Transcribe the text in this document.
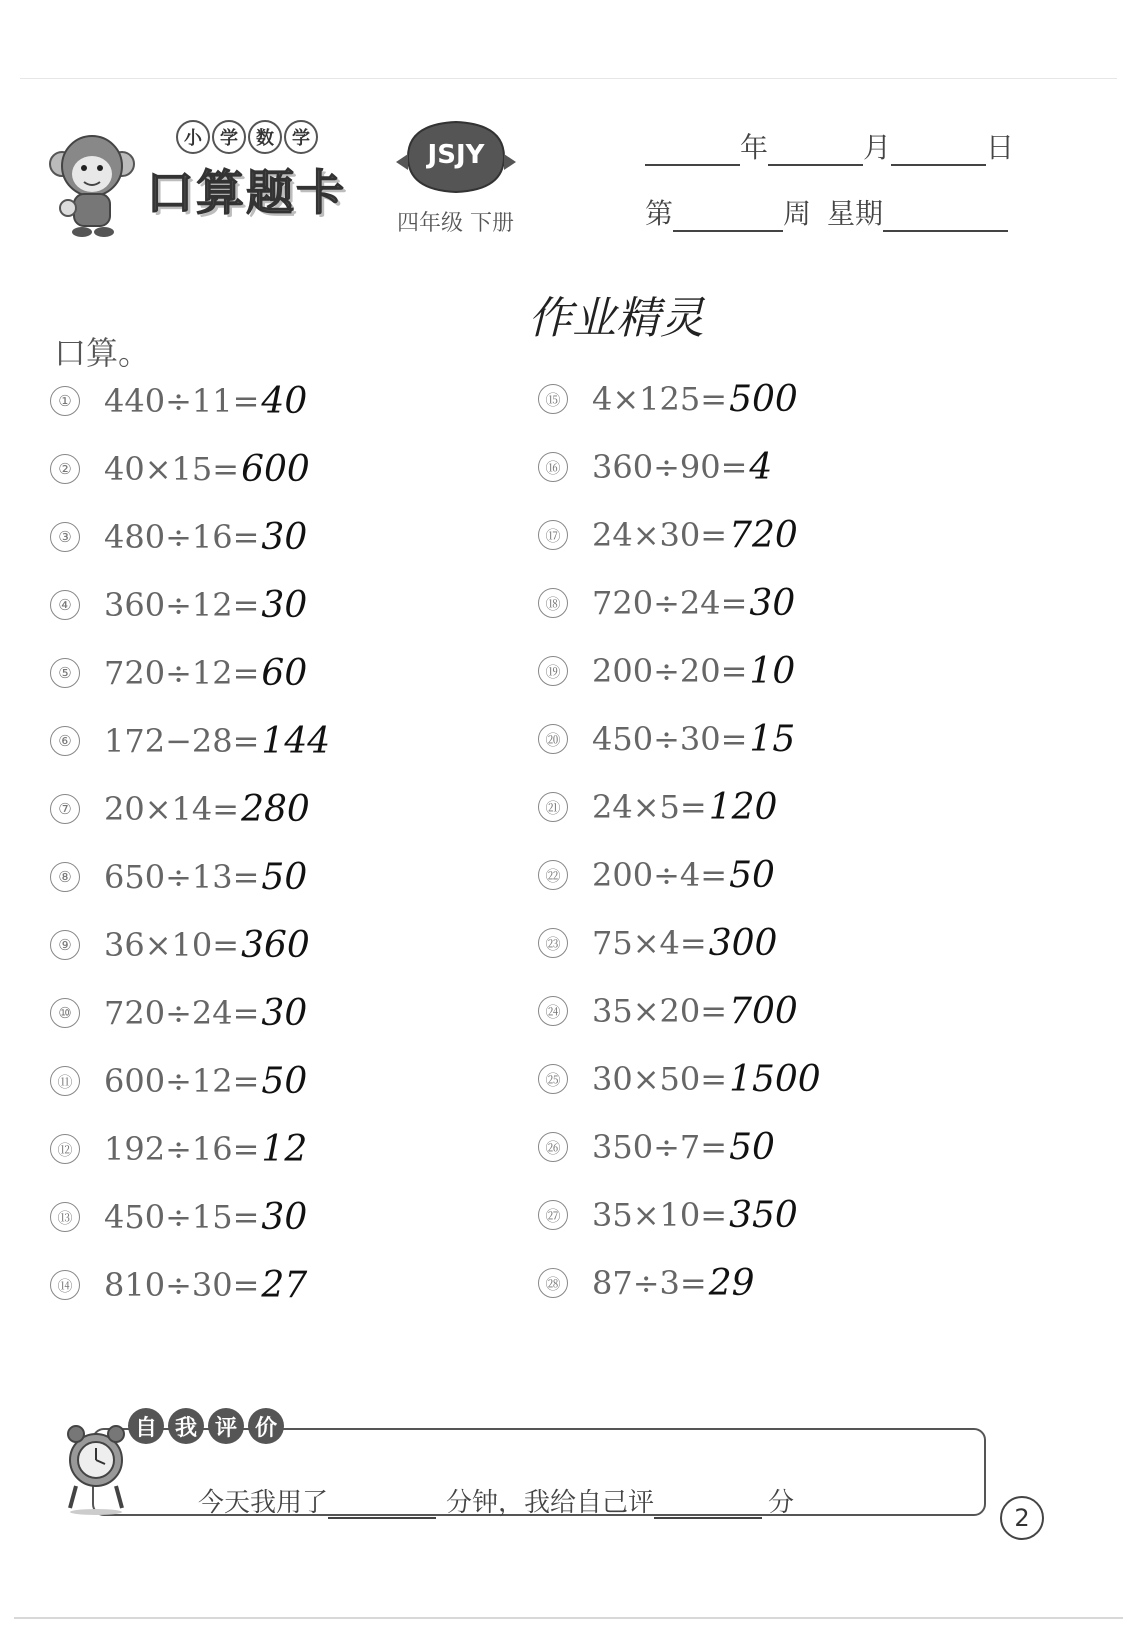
小	学	数	学
口算题卡
JSJY
四年级 下册
年	月	日
第	周 星期
作业精灵
口算。
① 440÷11= 40
② 40×15= 600
③ 480÷16= 30
④ 360÷12= 30
⑤ 720÷12= 60
⑥ 172−28= 144
⑦ 20×14= 280
⑧ 650÷13= 50
⑨ 36×10= 360
⑩ 720÷24= 30
⑪ 600÷12= 50
⑫ 192÷16= 12
⑬ 450÷15= 30
⑭ 810÷30= 27
⑮ 4×125= 500
⑯ 360÷90= 4
⑰ 24×30= 720
⑱ 720÷24= 30
⑲ 200÷20= 10
⑳ 450÷30= 15
㉑ 24×5= 120
㉒ 200÷4= 50
㉓ 75×4= 300
㉔ 35×20= 700
㉕ 30×50= 1500
㉖ 350÷7= 50
㉗ 35×10= 350
㉘ 87÷3= 29
自 我 评 价
今天我用了	分钟，我给自己评	分	2
